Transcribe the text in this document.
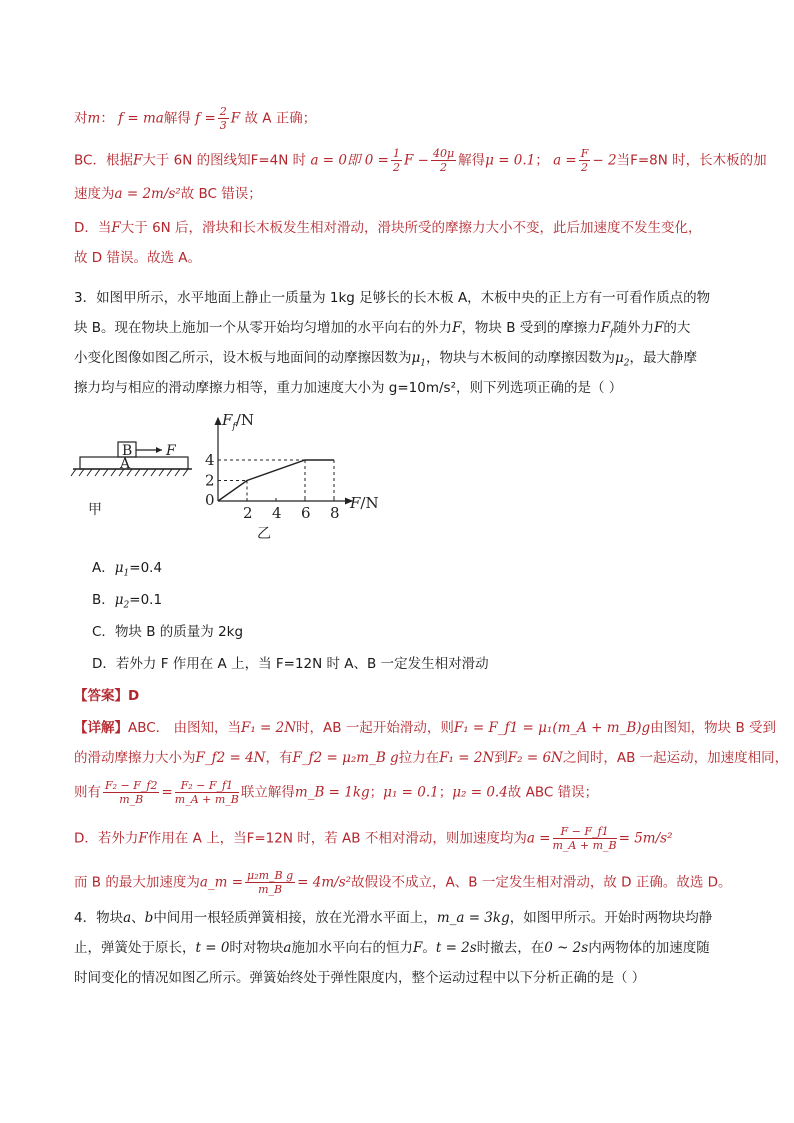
对m： f = ma解得 $f = \frac{2}{3}$ F 故 A 正确；
BC．根据F大于 6N 的图线知F=4N 时 a = 0即 $0 = \frac{1}{2}$ $F - \frac{40\mu}{2}$ 解得μ = 0.1； $a = \frac{F}{2} - 2$当F=8N 时，长木板的加
速度为a = 2m/s²故 BC 错误；
D．当F大于 6N 后，滑块和长木板发生相对滑动，滑块所受的摩擦力大小不变，此后加速度不发生变化，
故 D 错误。故选 A。
3．如图甲所示，水平地面上静止一质量为 1kg 足够长的长木板 A，木板中央的正上方有一可看作质点的物
块 B。现在物块上施加一个从零开始均匀增加的水平向右的外力F，物块 B 受到的摩擦力$F_f$随外力F的大
小变化图像如图乙所示，设木板与地面间的动摩擦因数为$\mu_1$，物块与木板间的动摩擦因数为$\mu_2$，最大静摩
擦力均与相应的滑动摩擦力相等，重力加速度大小为 g=10m/s²，则下列选项正确的是（ ）
B F
A
甲
$F_f/N$
F/N
0
2
4
2 4 6 8
乙
A．$\mu_1=0.4$
B．$\mu_2=0.1$
C．物块 B 的质量为 2kg
D．若外力 F 作用在 A 上，当 F=12N 时 A、B 一定发生相对滑动
【答案】D
【详解】ABC． 由图知，当F₁ = 2N时，AB 一起开始滑动，则F₁ = F_f1 = μ₁(m_A + m_B)g由图知，物块 B 受到
的滑动摩擦力大小为F_f2 = 4N，有F_f2 = μ₂m_B g拉力在F₁ = 2N到F₂ = 6N之间时，AB 一起运动，加速度相同，
则有 $\frac{\text{F₂ − F\_f2}}{m\_B} = \frac{\text{F₂ − F\_f1}}{m\_A + m\_B}$ 联立解得m_B = 1kg；μ₁ = 0.1；μ₂ = 0.4故 ABC 错误；
D．若外力F作用在 A 上，当F=12N 时，若 AB 不相对滑动，则加速度均为$a = \frac{F - F\_f1}{m\_A + m\_B} = 5m/s^2$
而 B 的最大加速度为a_m = $\frac{\text{μ₂m\_B g}}{m\_B} = 4m/s^2$故假设不成立，A、B 一定发生相对滑动，故 D 正确。故选 D。
4．物块a、b中间用一根轻质弹簧相接，放在光滑水平面上，m_a = 3kg，如图甲所示。开始时两物块均静
止，弹簧处于原长，t = 0时对物块a施加水平向右的恒力F。t = 2s时撤去，在0 ~ 2s内两物体的加速度随
时间变化的情况如图乙所示。弹簧始终处于弹性限度内，整个运动过程中以下分析正确的是（ ）
